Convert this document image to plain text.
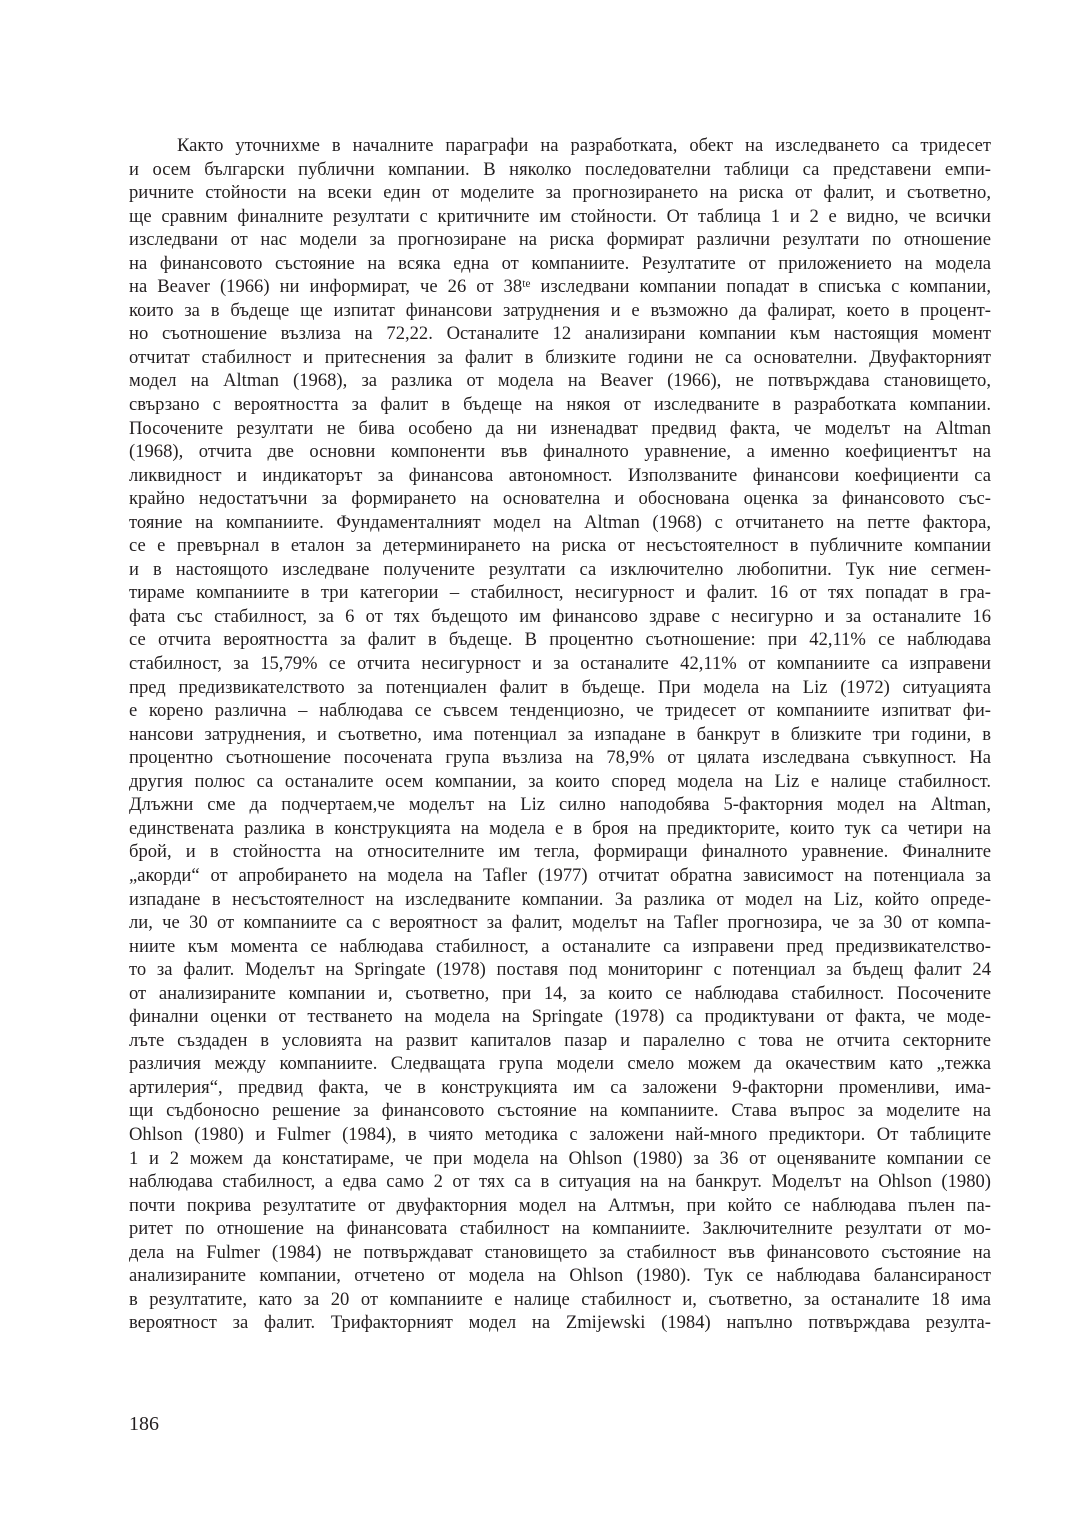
Както уточнихме в началните параграфи на разработката, обект на изследването са тридесет
и осем български публични компании. В няколко последователни таблици са представени емпи-
ричните стойности на всеки един от моделите за прогнозирането на риска от фалит, и съответно,
ще сравним финалните резултати с критичните им стойности. От таблица 1 и 2 е видно, че всички
изследвани от нас модели за прогнозиране на риска формират различни резултати по отношение
на финансовото състояние на всяка една от компаниите. Резултатите от приложението на модела
на Beaver (1966) ни информират, че 26 от 38ᵗᵉ изследвани компании попадат в списъка с компании,
които за в бъдеще ще изпитат финансови затруднения и е възможно да фалират, което в процент-
но съотношение възлиза на 72,22. Останалите 12 анализирани компании към настоящия момент
отчитат стабилност и притеснения за фалит в близките години не са основателни. Двуфакторният
модел на Altman (1968), за разлика от модела на Beaver (1966), не потвърждава становището,
свързано с вероятността за фалит в бъдеще на някоя от изследваните в разработката компании.
Посочените резултати не бива особено да ни изненадват предвид факта, че моделът на Altman
(1968), отчита две основни компоненти във финалното уравнение, а именно коефициентът на
ликвидност и индикаторът за финансова автономност. Използваните финансови коефициенти са
крайно недостатъчни за формирането на основателна и обоснована оценка за финансовото със-
тояние на компаниите. Фундаменталният модел на Altman (1968) с отчитането на петте фактора,
се е превърнал в еталон за детерминирането на риска от несъстоятелност в публичните компании
и в настоящото изследване получените резултати са изключително любопитни. Тук ние сегмен-
тираме компаниите в три категории – стабилност, несигурност и фалит. 16 от тях попадат в гра-
фата със стабилност, за 6 от тях бъдещото им финансово здраве с несигурно и за останалите 16
се отчита вероятността за фалит в бъдеще. В процентно съотношение: при 42,11% се наблюдава
стабилност, за 15,79% се отчита несигурност и за останалите 42,11% от компаниите са изправени
пред предизвикателството за потенциален фалит в бъдеще. При модела на Liz (1972) ситуацията
е корено различна – наблюдава се съвсем тенденциозно, че тридесет от компаниите изпитват фи-
нансови затруднения, и съответно, има потенциал за изпадане в банкрут в близките три години, в
процентно съотношение посочената група възлиза на 78,9% от цялата изследвана съвкупност. На
другия полюс са останалите осем компании, за които според модела на Liz е налице стабилност.
Длъжни сме да подчертаем,че моделът на Liz силно наподобява 5-факторния модел на Altman,
единствената разлика в конструкцията на модела е в броя на предикторите, които тук са четири на
брой, и в стойността на относителните им тегла, формиращи финалното уравнение. Финалните
„акорди“ от апробирането на модела на Tafler (1977) отчитат обратна зависимост на потенциала за
изпадане в несъстоятелност на изследваните компании. За разлика от модел на Liz, който опреде-
ли, че 30 от компаниите са с вероятност за фалит, моделът на Tafler прогнозира, че за 30 от компа-
ниите към момента се наблюдава стабилност, а останалите са изправени пред предизвикателство-
то за фалит. Моделът на Springate (1978) поставя под мониторинг с потенциал за бъдещ фалит 24
от анализираните компании и, съответно, при 14, за които се наблюдава стабилност. Посочените
финални оценки от тестването на модела на Springate (1978) са продиктувани от факта, че моде-
лъте създаден в условията на развит капиталов пазар и паралелно с това не отчита секторните
различия между компаниите. Следващата група модели смело можем да окачествим като „тежка
артилерия“, предвид факта, че в конструкцията им са заложени 9-факторни променливи, има-
щи съдбоносно решение за финансовото състояние на компаниите. Става въпрос за моделите на
Ohlson (1980) и Fulmer (1984), в чиято методика с заложени най-много предиктори. От таблиците
1 и 2 можем да констатираме, че при модела на Ohlson (1980) за 36 от оценяваните компании се
наблюдава стабилност, а едва само 2 от тях са в ситуация на на банкрут. Моделът на Ohlson (1980)
почти покрива резултатите от двуфакторния модел на Алтмън, при който се наблюдава пълен па-
ритет по отношение на финансовата стабилност на компаниите. Заключителните резултати от мо-
дела на Fulmer (1984) не потвърждават становището за стабилност във финансовото състояние на
анализираните компании, отчетено от модела на Ohlson (1980). Тук се наблюдава балансираност
в резултатите, като за 20 от компаниите е налице стабилност и, съответно, за останалите 18 има
вероятност за фалит. Трифакторният модел на Zmijewski (1984) напълно потвърждава резулта-
186
